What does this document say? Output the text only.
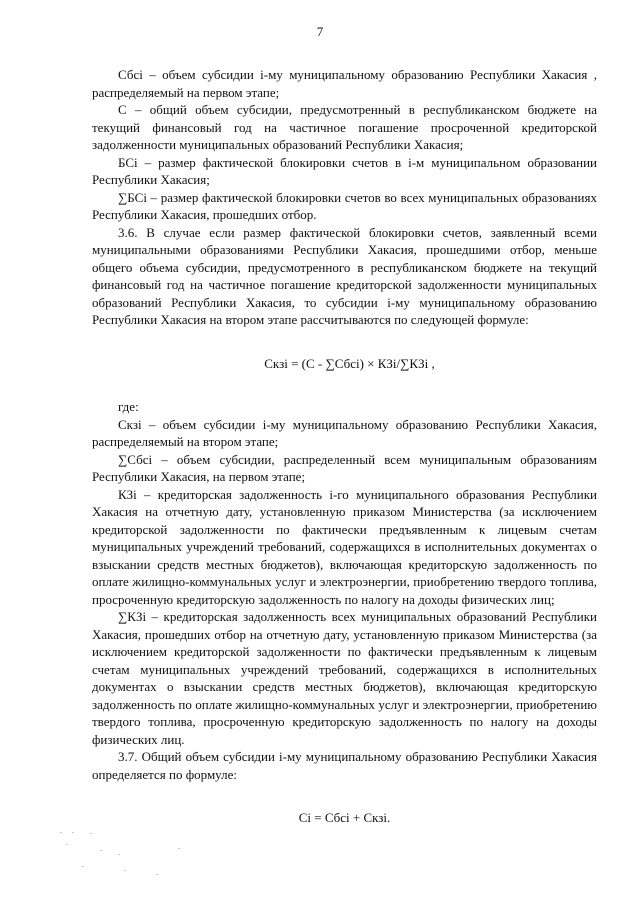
7

Сбсi – объем субсидии i-му муниципальному образованию Республики Хакасия , распределяемый на первом этапе;

С – общий объем субсидии, предусмотренный в республиканском бюджете на текущий финансовый год на частичное погашение просроченной кредиторской задолженности муниципальных образований Республики Хакасия;

БСi – размер фактической блокировки счетов в i-м муниципальном образовании Республики Хакасия;

∑БСi – размер фактической блокировки счетов во всех муниципальных образованиях Республики Хакасия, прошедших отбор.

3.6. В случае если размер фактической блокировки счетов, заявленный всеми муниципальными образованиями Республики Хакасия, прошедшими отбор, меньше общего объема субсидии, предусмотренного в республиканском бюджете на текущий финансовый год на частичное погашение кредиторской задолженности муниципальных образований Республики Хакасия, то субсидии i-му муниципальному образованию Республики Хакасия на втором этапе рассчитываются по следующей формуле:

Скзi = (С - ∑Сбсi) × КЗi/∑КЗi ,

где:

Скзi – объем субсидии i-му муниципальному образованию Республики Хакасия, распределяемый на втором этапе;

∑Сбсi – объем субсидии, распределенный всем муниципальным образованиям Республики Хакасия, на первом этапе;

КЗi – кредиторская задолженность i-го муниципального образования Республики Хакасия на отчетную дату, установленную приказом Министерства (за исключением кредиторской задолженности по фактически предъявленным к лицевым счетам муниципальных учреждений требований, содержащихся в исполнительных документах о взыскании средств местных бюджетов), включающая кредиторскую задолженность по оплате жилищно-коммунальных услуг и электроэнергии, приобретению твердого топлива, просроченную кредиторскую задолженность по налогу на доходы физических лиц;

∑КЗi – кредиторская задолженность всех муниципальных образований Республики Хакасия, прошедших отбор на отчетную дату, установленную приказом Министерства (за исключением кредиторской задолженности по фактически предъявленным к лицевым счетам муниципальных учреждений требований, содержащихся в исполнительных документах о взыскании средств местных бюджетов), включающая кредиторскую задолженность по оплате жилищно-коммунальных услуг и электроэнергии, приобретению твердого топлива, просроченную кредиторскую задолженность по налогу на доходы физических лиц.

3.7. Общий объем субсидии i-му муниципальному образованию Республики Хакасия определяется по формуле:

Сi = Сбсi + Скзi.
